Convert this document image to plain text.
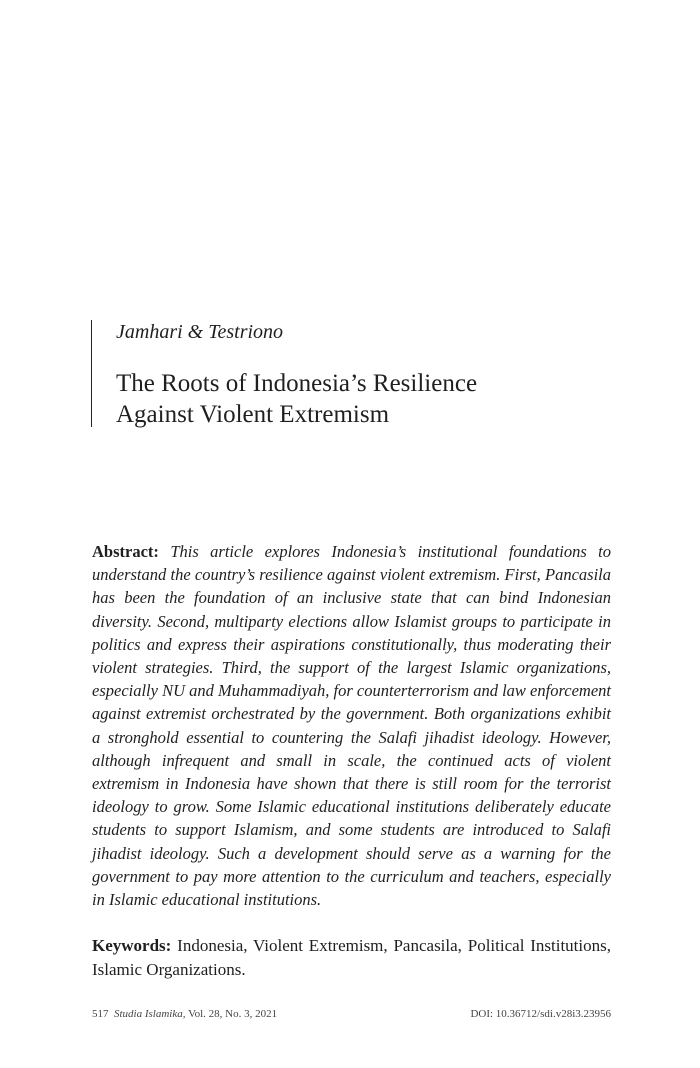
Jamhari & Testriono
The Roots of Indonesia’s Resilience
Against Violent Extremism

Abstract: This article explores Indonesia’s institutional foundations to understand the country’s resilience against violent extremism. First, Pancasila has been the foundation of an inclusive state that can bind Indonesian diversity. Second, multiparty elections allow Islamist groups to participate in politics and express their aspirations constitutionally, thus moderating their violent strategies. Third, the support of the largest Islamic organizations, especially NU and Muhammadiyah, for counterterrorism and law enforcement against extremist orchestrated by the government. Both organizations exhibit a stronghold essential to countering the Salafi jihadist ideology. However, although infrequent and small in scale, the continued acts of violent extremism in Indonesia have shown that there is still room for the terrorist ideology to grow. Some Islamic educational institutions deliberately educate students to support Islamism, and some students are introduced to Salafi jihadist ideology. Such a development should serve as a warning for the government to pay more attention to the curriculum and teachers, especially in Islamic educational institutions.

Keywords: Indonesia, Violent Extremism, Pancasila, Political Institutions, Islamic Organizations.

517 Studia Islamika, Vol. 28, No. 3, 2021	DOI: 10.36712/sdi.v28i3.23956
